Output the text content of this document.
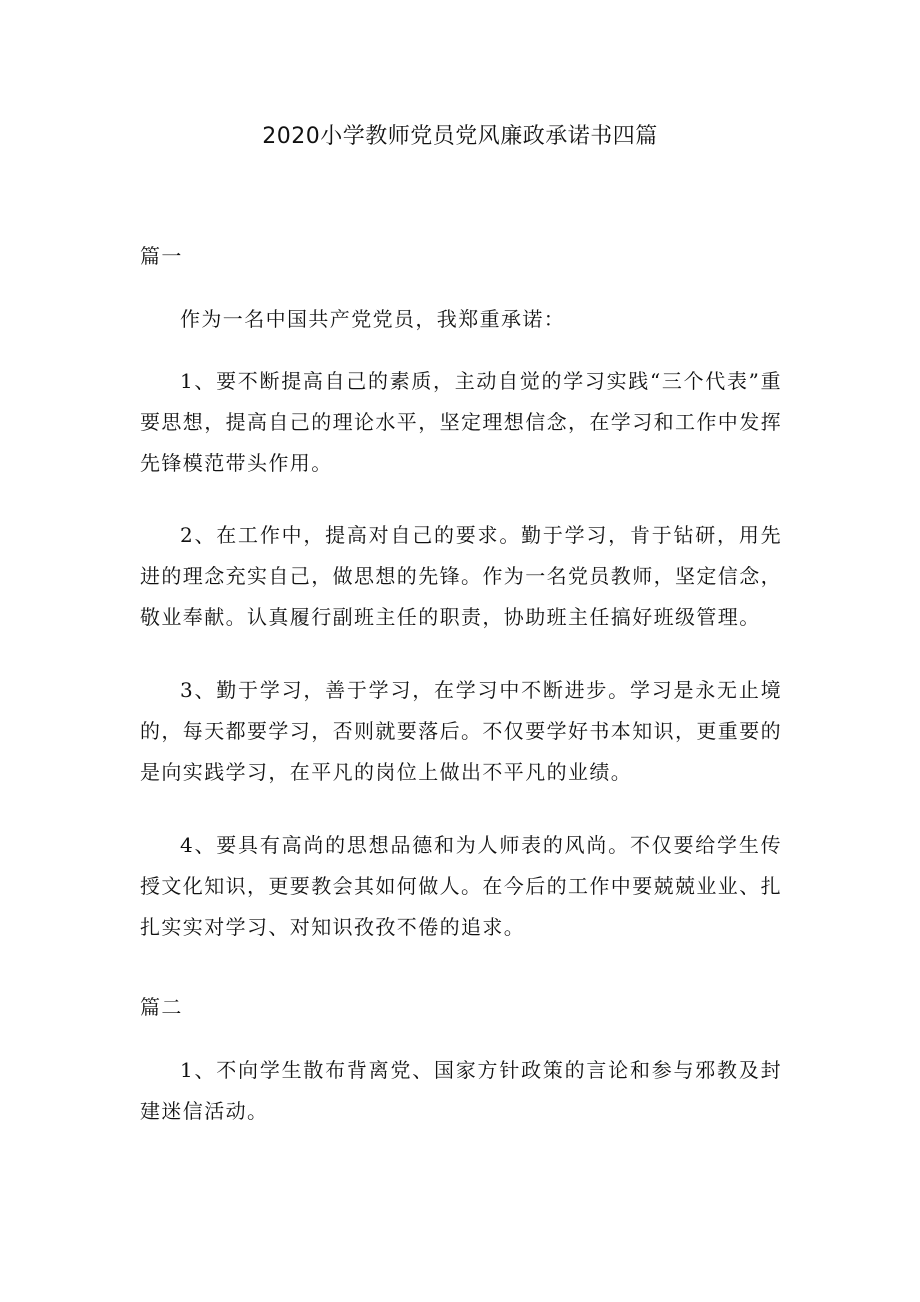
2020小学教师党员党风廉政承诺书四篇

篇一

作为一名中国共产党党员，我郑重承诺：

1、要不断提高自己的素质，主动自觉的学习实践“三个代表”重要思想，提高自己的理论水平，坚定理想信念，在学习和工作中发挥先锋模范带头作用。

2、在工作中，提高对自己的要求。勤于学习，肯于钻研，用先进的理念充实自己，做思想的先锋。作为一名党员教师，坚定信念，敬业奉献。认真履行副班主任的职责，协助班主任搞好班级管理。

3、勤于学习，善于学习，在学习中不断进步。学习是永无止境的，每天都要学习，否则就要落后。不仅要学好书本知识，更重要的是向实践学习，在平凡的岗位上做出不平凡的业绩。

4、要具有高尚的思想品德和为人师表的风尚。不仅要给学生传授文化知识，更要教会其如何做人。在今后的工作中要兢兢业业、扎扎实实对学习、对知识孜孜不倦的追求。

篇二

1、不向学生散布背离党、国家方针政策的言论和参与邪教及封建迷信活动。
